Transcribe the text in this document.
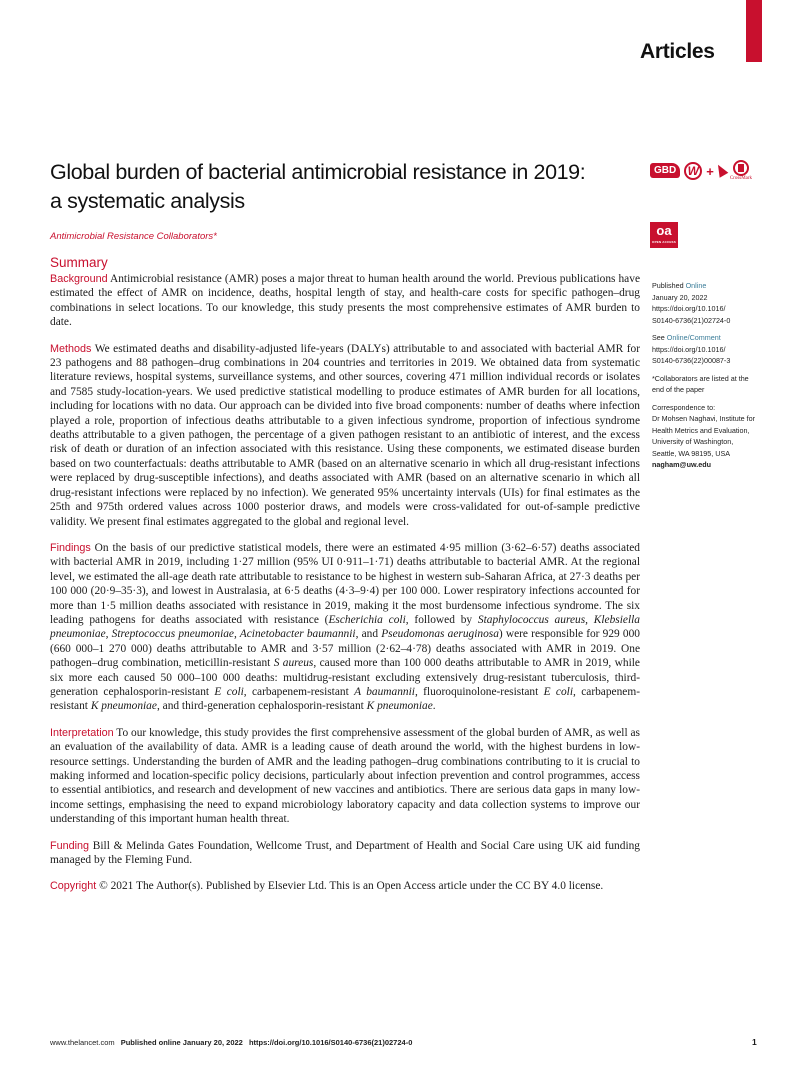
Articles
Global burden of bacterial antimicrobial resistance in 2019:
a systematic analysis
GBD W +	CrossMark
oa
OPEN ACCESS
Antimicrobial Resistance Collaborators*
Summary

Background Antimicrobial resistance (AMR) poses a major threat to human health around the world. Previous publications have estimated the effect of AMR on incidence, deaths, hospital length of stay, and health-care costs for specific pathogen–drug combinations in select locations. To our knowledge, this study presents the most comprehensive estimates of AMR burden to date.

Methods We estimated deaths and disability-adjusted life-years (DALYs) attributable to and associated with bacterial AMR for 23 pathogens and 88 pathogen–drug combinations in 204 countries and territories in 2019. We obtained data from systematic literature reviews, hospital systems, surveillance systems, and other sources, covering 471 million individual records or isolates and 7585 study-location-years. We used predictive statistical modelling to produce estimates of AMR burden for all locations, including for locations with no data. Our approach can be divided into five broad components: number of deaths where infection played a role, proportion of infectious deaths attributable to a given infectious syndrome, proportion of infectious syndrome deaths attributable to a given pathogen, the percentage of a given pathogen resistant to an antibiotic of interest, and the excess risk of death or duration of an infection associated with this resistance. Using these components, we estimated disease burden based on two counterfactuals: deaths attributable to AMR (based on an alternative scenario in which all drug-resistant infections were replaced by drug-susceptible infections), and deaths associated with AMR (based on an alternative scenario in which all drug-resistant infections were replaced by no infection). We generated 95% uncertainty intervals (UIs) for final estimates as the 25th and 975th ordered values across 1000 posterior draws, and models were cross-validated for out-of-sample predictive validity. We present final estimates aggregated to the global and regional level.

Findings On the basis of our predictive statistical models, there were an estimated 4·95 million (3·62–6·57) deaths associated with bacterial AMR in 2019, including 1·27 million (95% UI 0·911–1·71) deaths attributable to bacterial AMR. At the regional level, we estimated the all-age death rate attributable to resistance to be highest in western sub-Saharan Africa, at 27·3 deaths per 100 000 (20·9–35·3), and lowest in Australasia, at 6·5 deaths (4·3–9·4) per 100 000. Lower respiratory infections accounted for more than 1·5 million deaths associated with resistance in 2019, making it the most burdensome infectious syndrome. The six leading pathogens for deaths associated with resistance (Escherichia coli, followed by Staphylococcus aureus, Klebsiella pneumoniae, Streptococcus pneumoniae, Acinetobacter baumannii, and Pseudomonas aeruginosa) were responsible for 929 000 (660 000–1 270 000) deaths attributable to AMR and 3·57 million (2·62–4·78) deaths associated with AMR in 2019. One pathogen–drug combination, meticillin-resistant S aureus, caused more than 100 000 deaths attributable to AMR in 2019, while six more each caused 50 000–100 000 deaths: multidrug-resistant excluding extensively drug-resistant tuberculosis, third-generation cephalosporin-resistant E coli, carbapenem-resistant A baumannii, fluoroquinolone-resistant E coli, carbapenem-resistant K pneumoniae, and third-generation cephalosporin-resistant K pneumoniae.

Interpretation To our knowledge, this study provides the first comprehensive assessment of the global burden of AMR, as well as an evaluation of the availability of data. AMR is a leading cause of death around the world, with the highest burdens in low-resource settings. Understanding the burden of AMR and the leading pathogen–drug combinations contributing to it is crucial to making informed and location-specific policy decisions, particularly about infection prevention and control programmes, access to essential antibiotics, and research and development of new vaccines and antibiotics. There are serious data gaps in many low-income settings, emphasising the need to expand microbiology laboratory capacity and data collection systems to improve our understanding of this important human health threat.

Funding Bill & Melinda Gates Foundation, Wellcome Trust, and Department of Health and Social Care using UK aid funding managed by the Fleming Fund.

Copyright © 2021 The Author(s). Published by Elsevier Ltd. This is an Open Access article under the CC BY 4.0 license.

Published Online
January 20, 2022
https://doi.org/10.1016/
S0140-6736(21)02724-0
See Online/Comment
https://doi.org/10.1016/
S0140-6736(22)00087-3
*Collaborators are listed at the
end of the paper
Correspondence to:
Dr Mohsen Naghavi, Institute for
Health Metrics and Evaluation,
University of Washington,
Seattle, WA 98195, USA
nagham@uw.edu
www.thelancet.com Published online January 20, 2022 https://doi.org/10.1016/S0140-6736(21)02724-0	1
